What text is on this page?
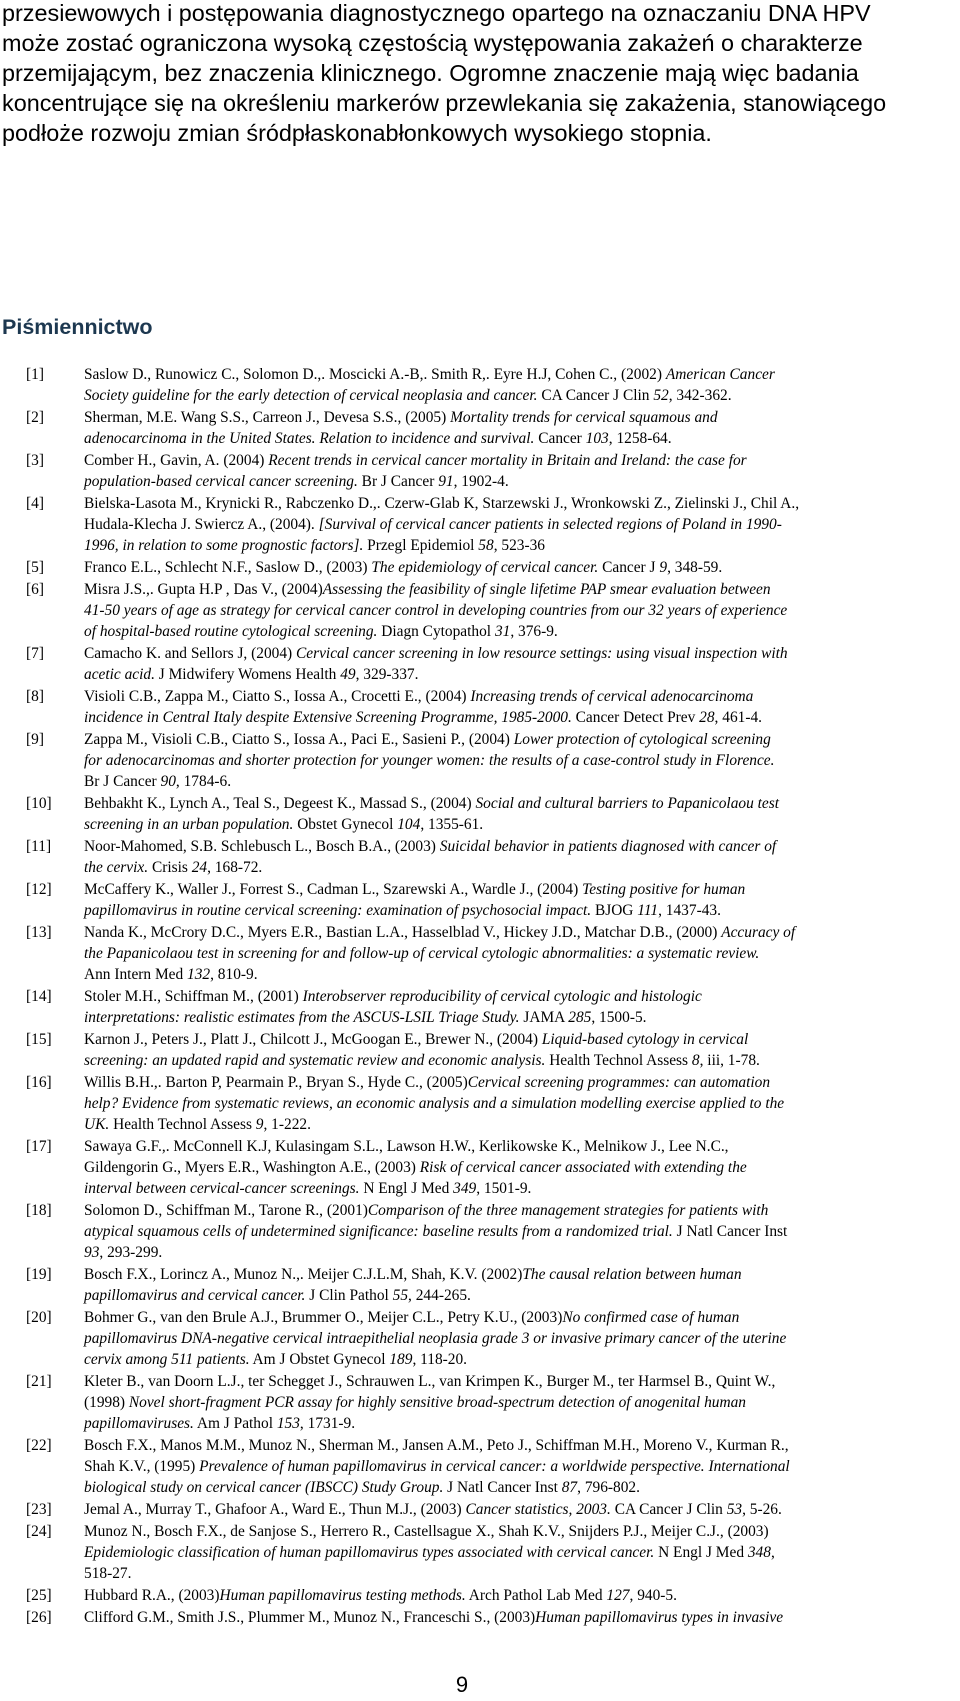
przesiewowych i postępowania diagnostycznego opartego na oznaczaniu DNA HPV
może zostać ograniczona wysoką częstością występowania zakażeń o charakterze
przemijającym, bez znaczenia klinicznego. Ogromne znaczenie mają więc badania
koncentrujące się na określeniu markerów przewlekania się zakażenia, stanowiącego
podłoże rozwoju zmian śródpłaskonabłonkowych wysokiego stopnia.
Piśmiennictwo
[1]	Saslow D., Runowicz C., Solomon D.,. Moscicki A.-B,. Smith R,. Eyre H.J, Cohen C., (2002) American Cancer
Society guideline for the early detection of cervical neoplasia and cancer. CA Cancer J Clin 52, 342-362.
[2]	Sherman, M.E. Wang S.S., Carreon J., Devesa S.S., (2005) Mortality trends for cervical squamous and
adenocarcinoma in the United States. Relation to incidence and survival. Cancer 103, 1258-64.
[3]	Comber H., Gavin, A. (2004) Recent trends in cervical cancer mortality in Britain and Ireland: the case for
population-based cervical cancer screening. Br J Cancer 91, 1902-4.
[4]	Bielska-Lasota M., Krynicki R., Rabczenko D.,. Czerw-Glab K, Starzewski J., Wronkowski Z., Zielinski J., Chil A.,
Hudala-Klecha J. Swiercz A., (2004). [Survival of cervical cancer patients in selected regions of Poland in 1990-
1996, in relation to some prognostic factors]. Przegl Epidemiol 58, 523-36
[5]	Franco E.L., Schlecht N.F., Saslow D., (2003) The epidemiology of cervical cancer. Cancer J 9, 348-59.
[6]	Misra J.S.,. Gupta H.P , Das V., (2004)Assessing the feasibility of single lifetime PAP smear evaluation between
41-50 years of age as strategy for cervical cancer control in developing countries from our 32 years of experience
of hospital-based routine cytological screening. Diagn Cytopathol 31, 376-9.
[7]	Camacho K. and Sellors J, (2004) Cervical cancer screening in low resource settings: using visual inspection with
acetic acid. J Midwifery Womens Health 49, 329-337.
[8]	Visioli C.B., Zappa M., Ciatto S., Iossa A., Crocetti E., (2004) Increasing trends of cervical adenocarcinoma
incidence in Central Italy despite Extensive Screening Programme, 1985-2000. Cancer Detect Prev 28, 461-4.
[9]	Zappa M., Visioli C.B., Ciatto S., Iossa A., Paci E., Sasieni P., (2004) Lower protection of cytological screening
for adenocarcinomas and shorter protection for younger women: the results of a case-control study in Florence.
Br J Cancer 90, 1784-6.
[10] Behbakht K., Lynch A., Teal S., Degeest K., Massad S., (2004) Social and cultural barriers to Papanicolaou test
screening in an urban population. Obstet Gynecol 104, 1355-61.
[11] Noor-Mahomed, S.B. Schlebusch L., Bosch B.A., (2003) Suicidal behavior in patients diagnosed with cancer of
the cervix. Crisis 24, 168-72.
[12] McCaffery K., Waller J., Forrest S., Cadman L., Szarewski A., Wardle J., (2004) Testing positive for human
papillomavirus in routine cervical screening: examination of psychosocial impact. BJOG 111, 1437-43.
[13] Nanda K., McCrory D.C., Myers E.R., Bastian L.A., Hasselblad V., Hickey J.D., Matchar D.B., (2000) Accuracy of
the Papanicolaou test in screening for and follow-up of cervical cytologic abnormalities: a systematic review.
Ann Intern Med 132, 810-9.
[14] Stoler M.H., Schiffman M., (2001) Interobserver reproducibility of cervical cytologic and histologic
interpretations: realistic estimates from the ASCUS-LSIL Triage Study. JAMA 285, 1500-5.
[15] Karnon J., Peters J., Platt J., Chilcott J., McGoogan E., Brewer N., (2004) Liquid-based cytology in cervical
screening: an updated rapid and systematic review and economic analysis. Health Technol Assess 8, iii, 1-78.
[16] Willis B.H.,. Barton P, Pearmain P., Bryan S., Hyde C., (2005)Cervical screening programmes: can automation
help? Evidence from systematic reviews, an economic analysis and a simulation modelling exercise applied to the
UK. Health Technol Assess 9, 1-222.
[17] Sawaya G.F.,. McConnell K.J, Kulasingam S.L., Lawson H.W., Kerlikowske K., Melnikow J., Lee N.C.,
Gildengorin G., Myers E.R., Washington A.E., (2003) Risk of cervical cancer associated with extending the
interval between cervical-cancer screenings. N Engl J Med 349, 1501-9.
[18] Solomon D., Schiffman M., Tarone R., (2001)Comparison of the three management strategies for patients with
atypical squamous cells of undetermined significance: baseline results from a randomized trial. J Natl Cancer Inst
93, 293-299.
[19] Bosch F.X., Lorincz A., Munoz N.,. Meijer C.J.L.M, Shah, K.V. (2002)The causal relation between human
papillomavirus and cervical cancer. J Clin Pathol 55, 244-265.
[20] Bohmer G., van den Brule A.J., Brummer O., Meijer C.L., Petry K.U., (2003)No confirmed case of human
papillomavirus DNA-negative cervical intraepithelial neoplasia grade 3 or invasive primary cancer of the uterine
cervix among 511 patients. Am J Obstet Gynecol 189, 118-20.
[21] Kleter B., van Doorn L.J., ter Schegget J., Schrauwen L., van Krimpen K., Burger M., ter Harmsel B., Quint W.,
(1998) Novel short-fragment PCR assay for highly sensitive broad-spectrum detection of anogenital human
papillomaviruses. Am J Pathol 153, 1731-9.
[22] Bosch F.X., Manos M.M., Munoz N., Sherman M., Jansen A.M., Peto J., Schiffman M.H., Moreno V., Kurman R.,
Shah K.V., (1995) Prevalence of human papillomavirus in cervical cancer: a worldwide perspective. International
biological study on cervical cancer (IBSCC) Study Group. J Natl Cancer Inst 87, 796-802.
[23] Jemal A., Murray T., Ghafoor A., Ward E., Thun M.J., (2003) Cancer statistics, 2003. CA Cancer J Clin 53, 5-26.
[24] Munoz N., Bosch F.X., de Sanjose S., Herrero R., Castellsague X., Shah K.V., Snijders P.J., Meijer C.J., (2003)
Epidemiologic classification of human papillomavirus types associated with cervical cancer. N Engl J Med 348,
518-27.
[25] Hubbard R.A., (2003)Human papillomavirus testing methods. Arch Pathol Lab Med 127, 940-5.
[26] Clifford G.M., Smith J.S., Plummer M., Munoz N., Franceschi S., (2003)Human papillomavirus types in invasive
9
